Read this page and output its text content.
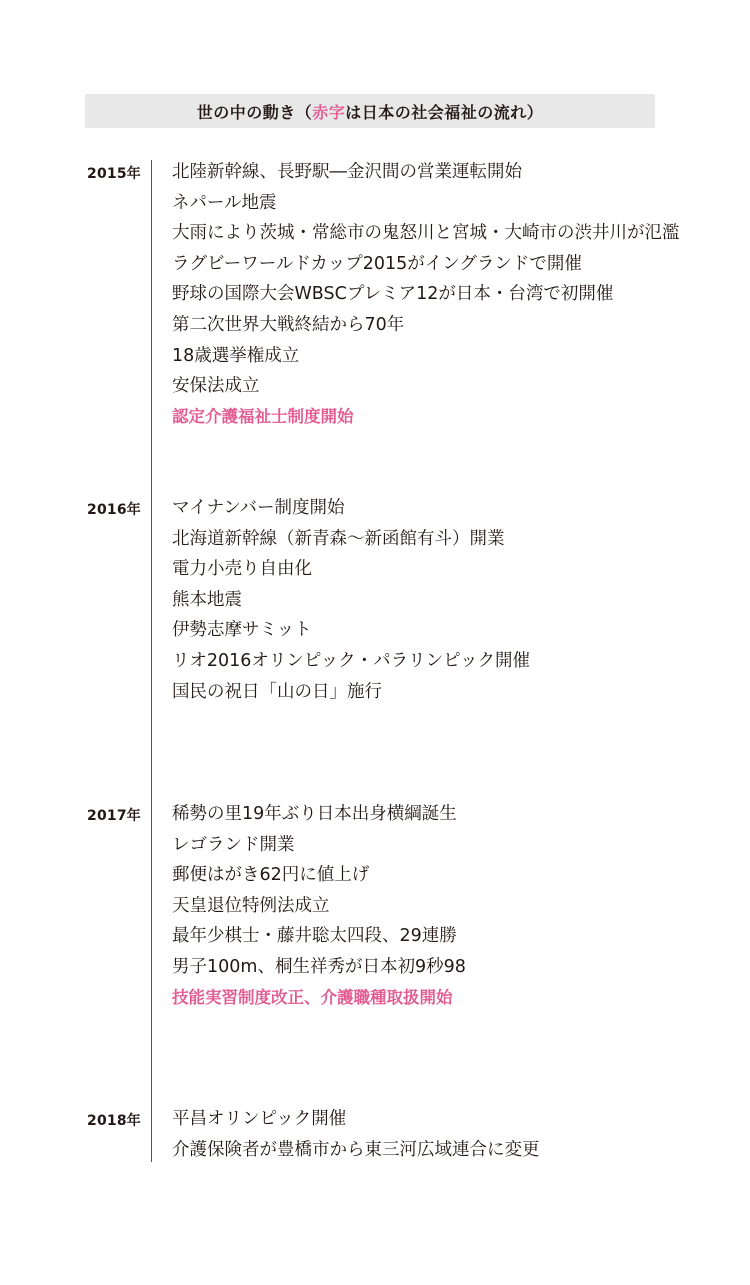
世の中の動き（ 赤字 は日本の社会福祉の流れ）
2015年 北陸新幹線、長野駅―金沢間の営業運転開始
ネパール地震
大雨により茨城・常総市の鬼怒川と宮城・大崎市の渋井川が氾濫
ラグビーワールドカップ2015がイングランドで開催
野球の国際大会WBSCプレミア12が日本・台湾で初開催
第二次世界大戦終結から70年
18歳選挙権成立
安保法成立
認定介護福祉士制度開始
2016年 マイナンバー制度開始
北海道新幹線（新青森～新函館有斗）開業
電力小売り自由化
熊本地震
伊勢志摩サミット
リオ2016オリンピック・パラリンピック開催
国民の祝日「山の日」施行
2017年 稀勢の里19年ぶり日本出身横綱誕生
レゴランド開業
郵便はがき62円に値上げ
天皇退位特例法成立
最年少棋士・藤井聡太四段、29連勝
男子100m、桐生祥秀が日本初9秒98
技能実習制度改正、介護職種取扱開始
2018年 平昌オリンピック開催
介護保険者が豊橋市から東三河広域連合に変更
